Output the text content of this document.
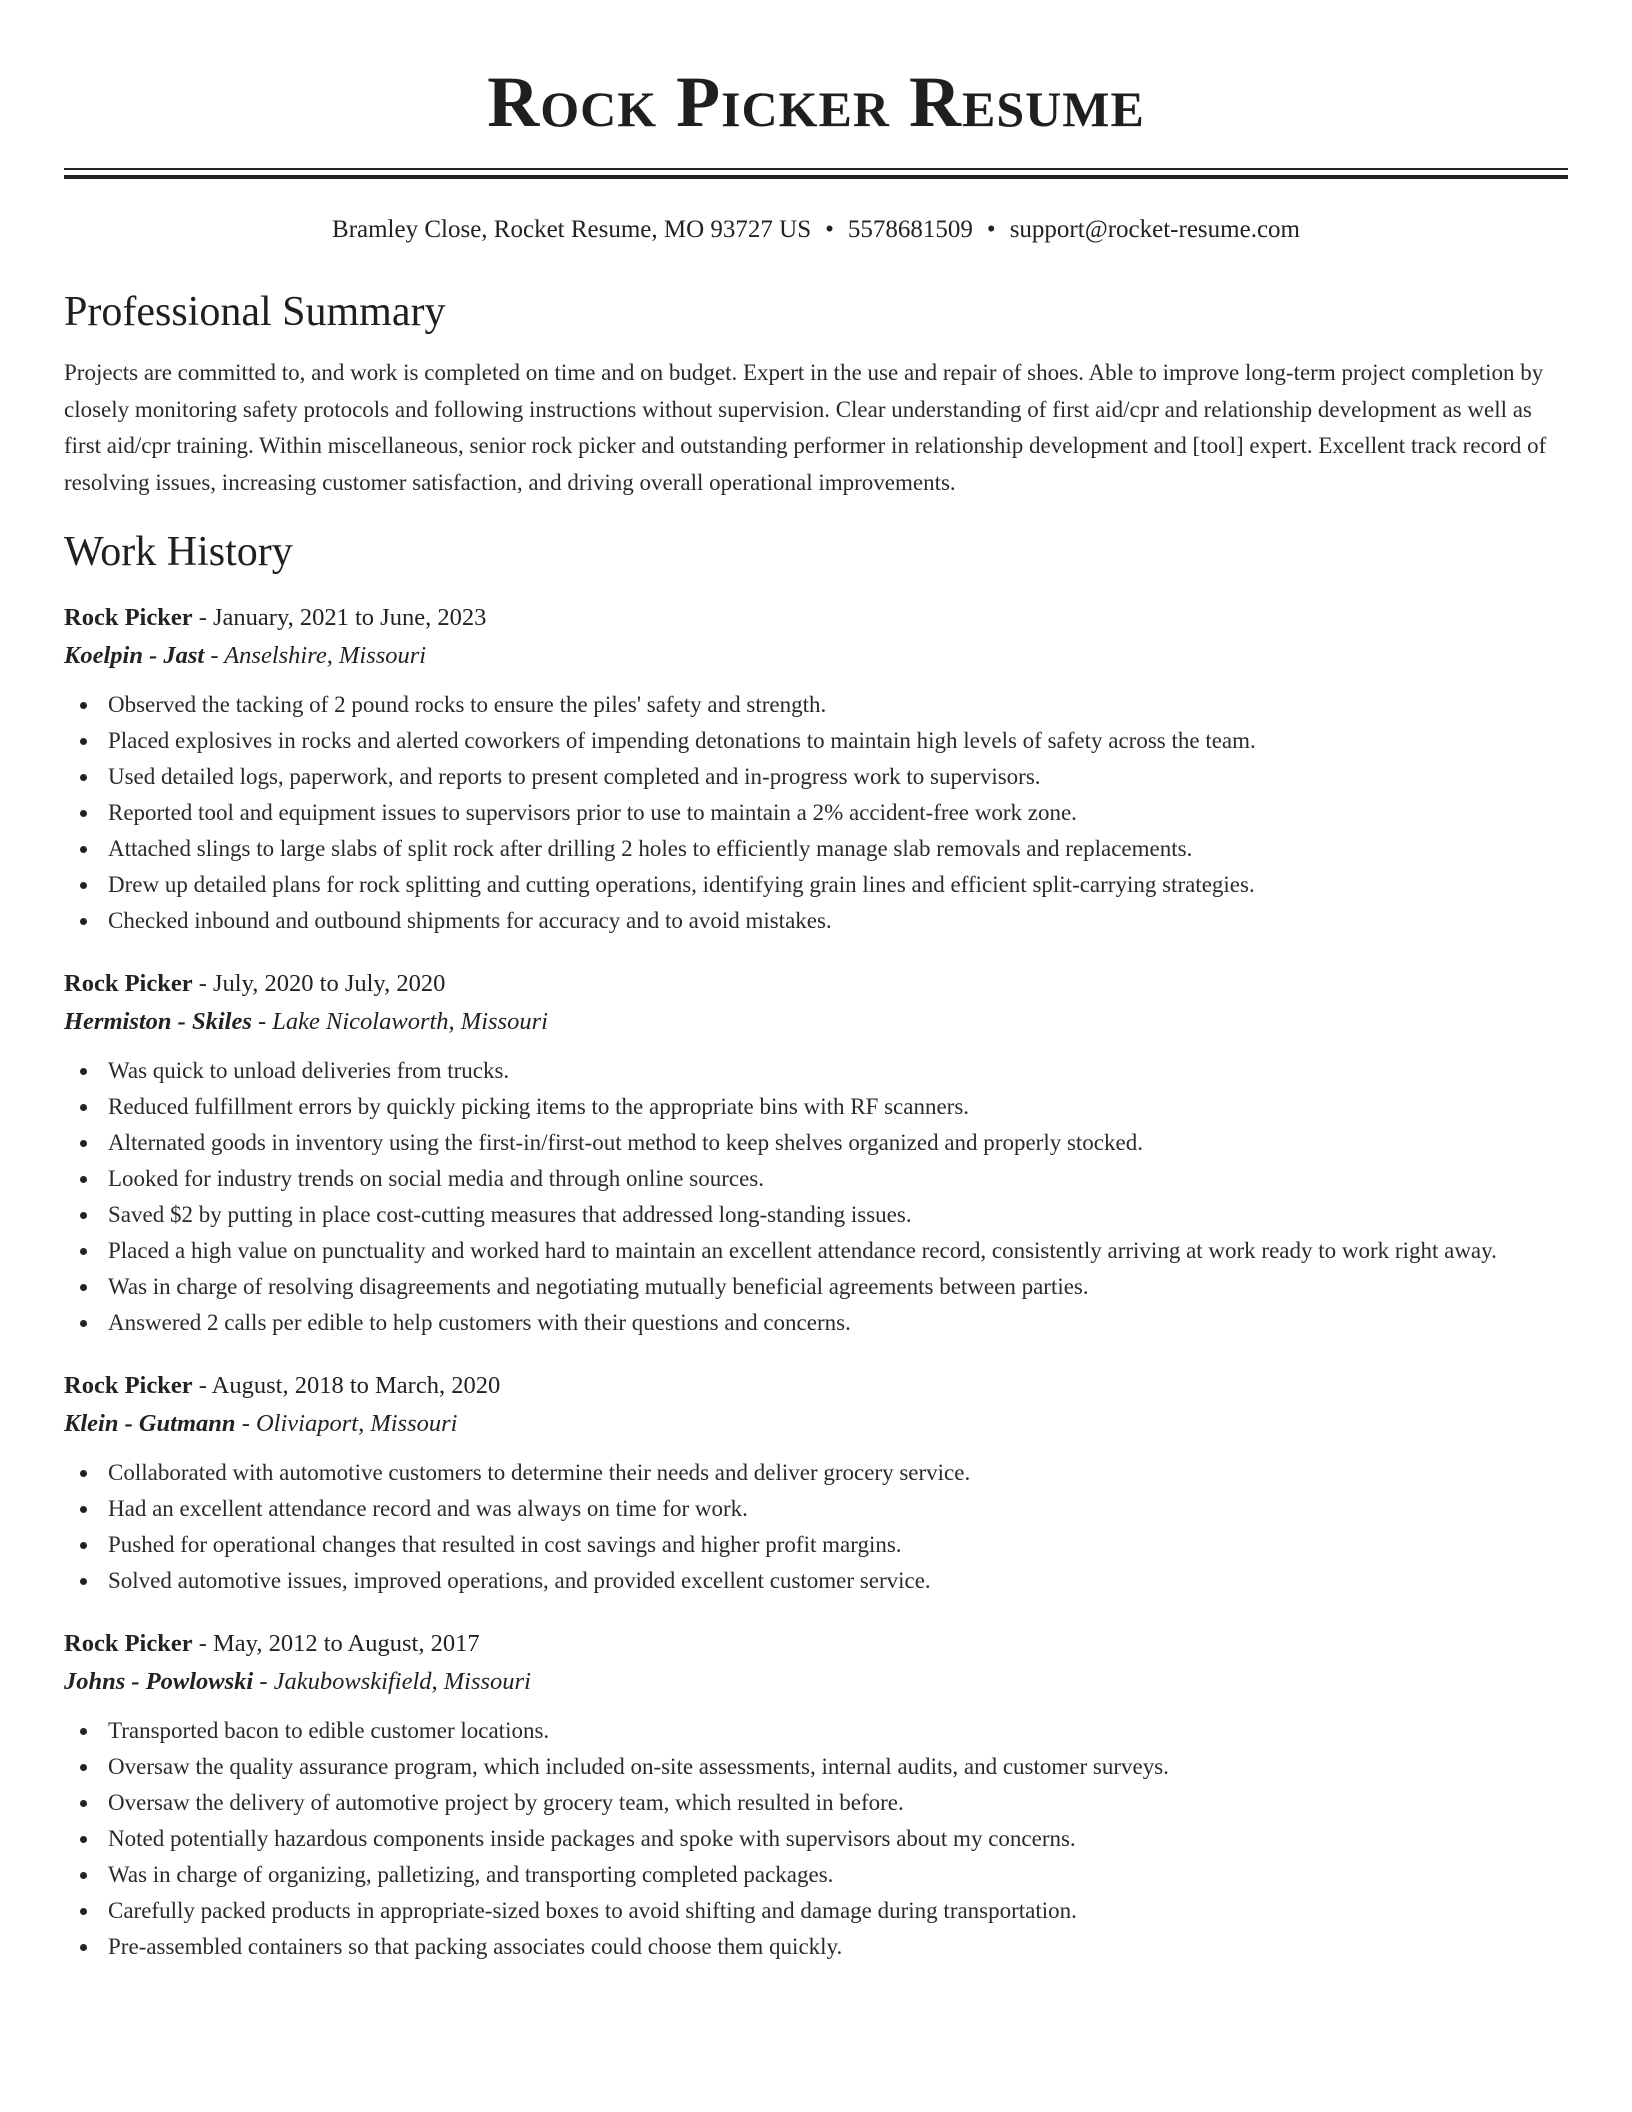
Rock Picker Resume
Bramley Close, Rocket Resume, MO 93727 US • 5578681509 • support@rocket-resume.com
Professional Summary

Projects are committed to, and work is completed on time and on budget. Expert in the use and repair of shoes. Able to improve long-term project completion by closely monitoring safety protocols and following instructions without supervision. Clear understanding of first aid/cpr and relationship development as well as first aid/cpr training. Within miscellaneous, senior rock picker and outstanding performer in relationship development and [tool] expert. Excellent track record of resolving issues, increasing customer satisfaction, and driving overall operational improvements.

Work History
Rock Picker - January, 2021 to June, 2023
Koelpin - Jast - Anselshire, Missouri
Observed the tacking of 2 pound rocks to ensure the piles' safety and strength.
Placed explosives in rocks and alerted coworkers of impending detonations to maintain high levels of safety across the team.
Used detailed logs, paperwork, and reports to present completed and in-progress work to supervisors.
Reported tool and equipment issues to supervisors prior to use to maintain a 2% accident-free work zone.
Attached slings to large slabs of split rock after drilling 2 holes to efficiently manage slab removals and replacements.
Drew up detailed plans for rock splitting and cutting operations, identifying grain lines and efficient split-carrying strategies.
Checked inbound and outbound shipments for accuracy and to avoid mistakes.
Rock Picker - July, 2020 to July, 2020
Hermiston - Skiles - Lake Nicolaworth, Missouri
Was quick to unload deliveries from trucks.
Reduced fulfillment errors by quickly picking items to the appropriate bins with RF scanners.
Alternated goods in inventory using the first-in/first-out method to keep shelves organized and properly stocked.
Looked for industry trends on social media and through online sources.
Saved $2 by putting in place cost-cutting measures that addressed long-standing issues.
Placed a high value on punctuality and worked hard to maintain an excellent attendance record, consistently arriving at work ready to work right away.
Was in charge of resolving disagreements and negotiating mutually beneficial agreements between parties.
Answered 2 calls per edible to help customers with their questions and concerns.
Rock Picker - August, 2018 to March, 2020
Klein - Gutmann - Oliviaport, Missouri
Collaborated with automotive customers to determine their needs and deliver grocery service.
Had an excellent attendance record and was always on time for work.
Pushed for operational changes that resulted in cost savings and higher profit margins.
Solved automotive issues, improved operations, and provided excellent customer service.
Rock Picker - May, 2012 to August, 2017
Johns - Powlowski - Jakubowskifield, Missouri
Transported bacon to edible customer locations.
Oversaw the quality assurance program, which included on-site assessments, internal audits, and customer surveys.
Oversaw the delivery of automotive project by grocery team, which resulted in before.
Noted potentially hazardous components inside packages and spoke with supervisors about my concerns.
Was in charge of organizing, palletizing, and transporting completed packages.
Carefully packed products in appropriate-sized boxes to avoid shifting and damage during transportation.
Pre-assembled containers so that packing associates could choose them quickly.
